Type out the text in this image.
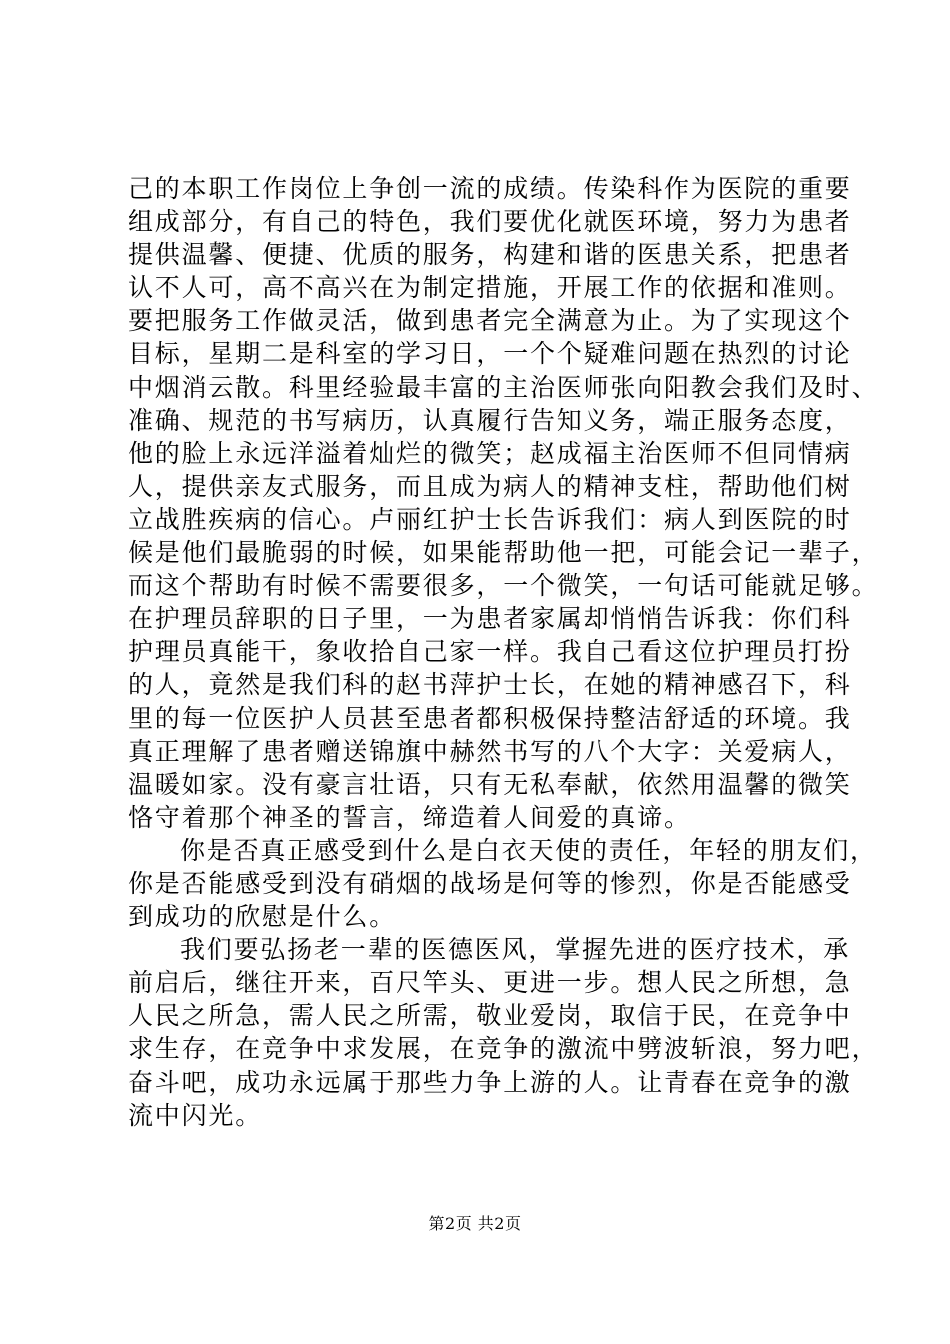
己的本职工作岗位上争创一流的成绩。传染科作为医院的重要
组成部分，有自己的特色，我们要优化就医环境，努力为患者
提供温馨、便捷、优质的服务，构建和谐的医患关系，把患者
认不人可，高不高兴在为制定措施，开展工作的依据和准则。
要把服务工作做灵活，做到患者完全满意为止。为了实现这个
目标，星期二是科室的学习日，一个个疑难问题在热烈的讨论
中烟消云散。科里经验最丰富的主治医师张向阳教会我们及时、
准确、规范的书写病历，认真履行告知义务，端正服务态度，
他的脸上永远洋溢着灿烂的微笑；赵成福主治医师不但同情病
人，提供亲友式服务，而且成为病人的精神支柱，帮助他们树
立战胜疾病的信心。卢丽红护士长告诉我们：病人到医院的时
候是他们最脆弱的时候，如果能帮助他一把，可能会记一辈子，
而这个帮助有时候不需要很多，一个微笑，一句话可能就足够。
在护理员辞职的日子里，一为患者家属却悄悄告诉我：你们科
护理员真能干，象收拾自己家一样。我自己看这位护理员打扮
的人，竟然是我们科的赵书萍护士长，在她的精神感召下，科
里的每一位医护人员甚至患者都积极保持整洁舒适的环境。我
真正理解了患者赠送锦旗中赫然书写的八个大字：关爱病人，
温暖如家。没有豪言壮语，只有无私奉献，依然用温馨的微笑
恪守着那个神圣的誓言，缔造着人间爱的真谛。
你是否真正感受到什么是白衣天使的责任，年轻的朋友们，
你是否能感受到没有硝烟的战场是何等的惨烈，你是否能感受
到成功的欣慰是什么。
我们要弘扬老一辈的医德医风，掌握先进的医疗技术，承
前启后，继往开来，百尺竿头、更进一步。想人民之所想，急
人民之所急，需人民之所需，敬业爱岗，取信于民，在竞争中
求生存，在竞争中求发展，在竞争的激流中劈波斩浪，努力吧，
奋斗吧，成功永远属于那些力争上游的人。让青春在竞争的激
流中闪光。
第2页 共2页
